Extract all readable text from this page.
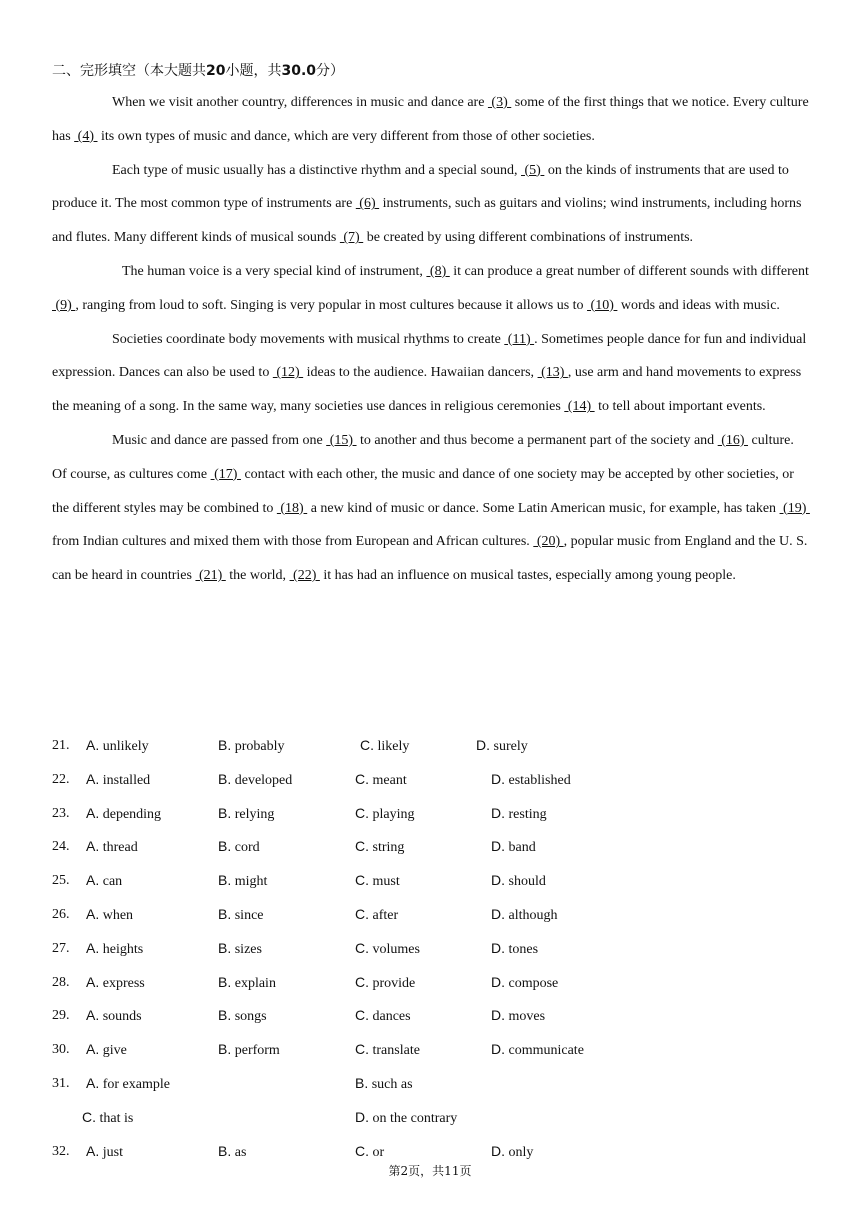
二、完形填空（本大题共20小题，共30.0分）

When we visit another country, differences in music and dance are  (3)  some of the first things that we notice. Every culture has  (4)  its own types of music and dance, which are very different from those of other societies.

Each type of music usually has a distinctive rhythm and a special sound,  (5)  on the kinds of instruments that are used to produce it. The most common type of instruments are  (6)  instruments, such as guitars and violins; wind instruments, including horns and flutes. Many different kinds of musical sounds  (7)  be created by using different combinations of instruments.

The human voice is a very special kind of instrument,  (8)  it can produce a great number of different sounds with different  (9) , ranging from loud to soft. Singing is very popular in most cultures because it allows us to  (10)  words and ideas with music.

Societies coordinate body movements with musical rhythms to create  (11) . Sometimes people dance for fun and individual expression. Dances can also be used to  (12)  ideas to the audience. Hawaiian dancers,  (13) , use arm and hand movements to express the meaning of a song. In the same way, many societies use dances in religious ceremonies  (14)  to tell about important events.

Music and dance are passed from one  (15)  to another and thus become a permanent part of the society and  (16)  culture. Of course, as cultures come  (17)  contact with each other, the music and dance of one society may be accepted by other societies, or the different styles may be combined to  (18)  a new kind of music or dance. Some Latin American music, for example, has taken  (19)  from Indian cultures and mixed them with those from European and African cultures.  (20) , popular music from England and the U. S. can be heard in countries  (21)  the world,  (22)  it has had an influence on musical tastes, especially among young people.

21. A. unlikely	B. probably	C. likely	D. surely
22. A. installed	B. developed	C. meant	D. established
23. A. depending	B. relying	C. playing	D. resting
24. A. thread	B. cord	C. string	D. band
25. A. can	B. might	C. must	D. should
26. A. when	B. since	C. after	D. although
27. A. heights	B. sizes	C. volumes	D. tones
28. A. express	B. explain	C. provide	D. compose
29. A. sounds	B. songs	C. dances	D. moves
30. A. give	B. perform	C. translate	D. communicate
31. A. for example	B. such as
C. that is	D. on the contrary
32. A. just	B. as	C. or	D. only
第2页，共11页
